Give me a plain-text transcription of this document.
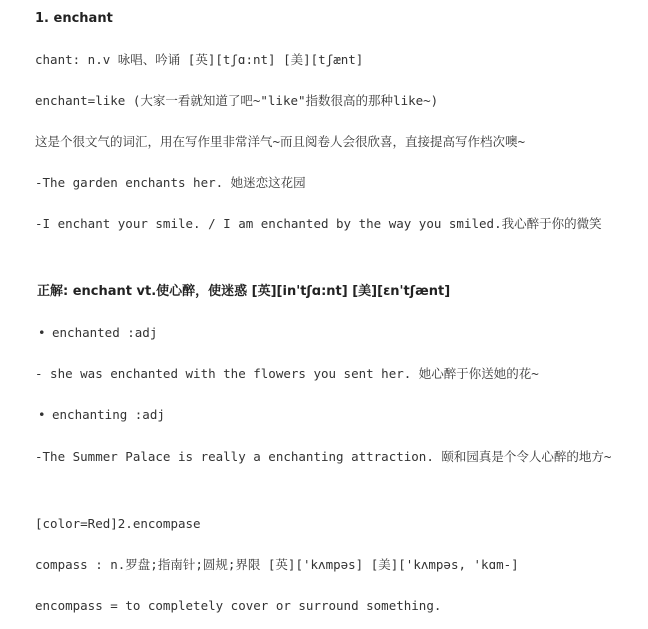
1. enchant
chant: n.v 咏唱、吟诵 [英][tʃɑ:nt] [美][tʃænt]
enchant=like (大家一看就知道了吧~"like"指数很高的那种like~)
这是个很文气的词汇，用在写作里非常洋气~而且阅卷人会很欣喜，直接提高写作档次噢~
-The garden enchants her. 她迷恋这花园
-I enchant your smile. / I am enchanted by the way you smiled.我心醉于你的微笑
正解: enchant vt.使心醉，使迷惑 [英][in'tʃɑ:nt] [美][ɛn'tʃænt]
• enchanted :adj
- she was enchanted with the flowers you sent her. 她心醉于你送她的花~
• enchanting :adj
-The Summer Palace is really a enchanting attraction. 颐和园真是个令人心醉的地方~
[color=Red]2.encompase
compass : n.罗盘;指南针;圆规;界限 [英]['kʌmpəs] [美]['kʌmpəs, 'kɑm-]
encompass = to completely cover or surround something.
